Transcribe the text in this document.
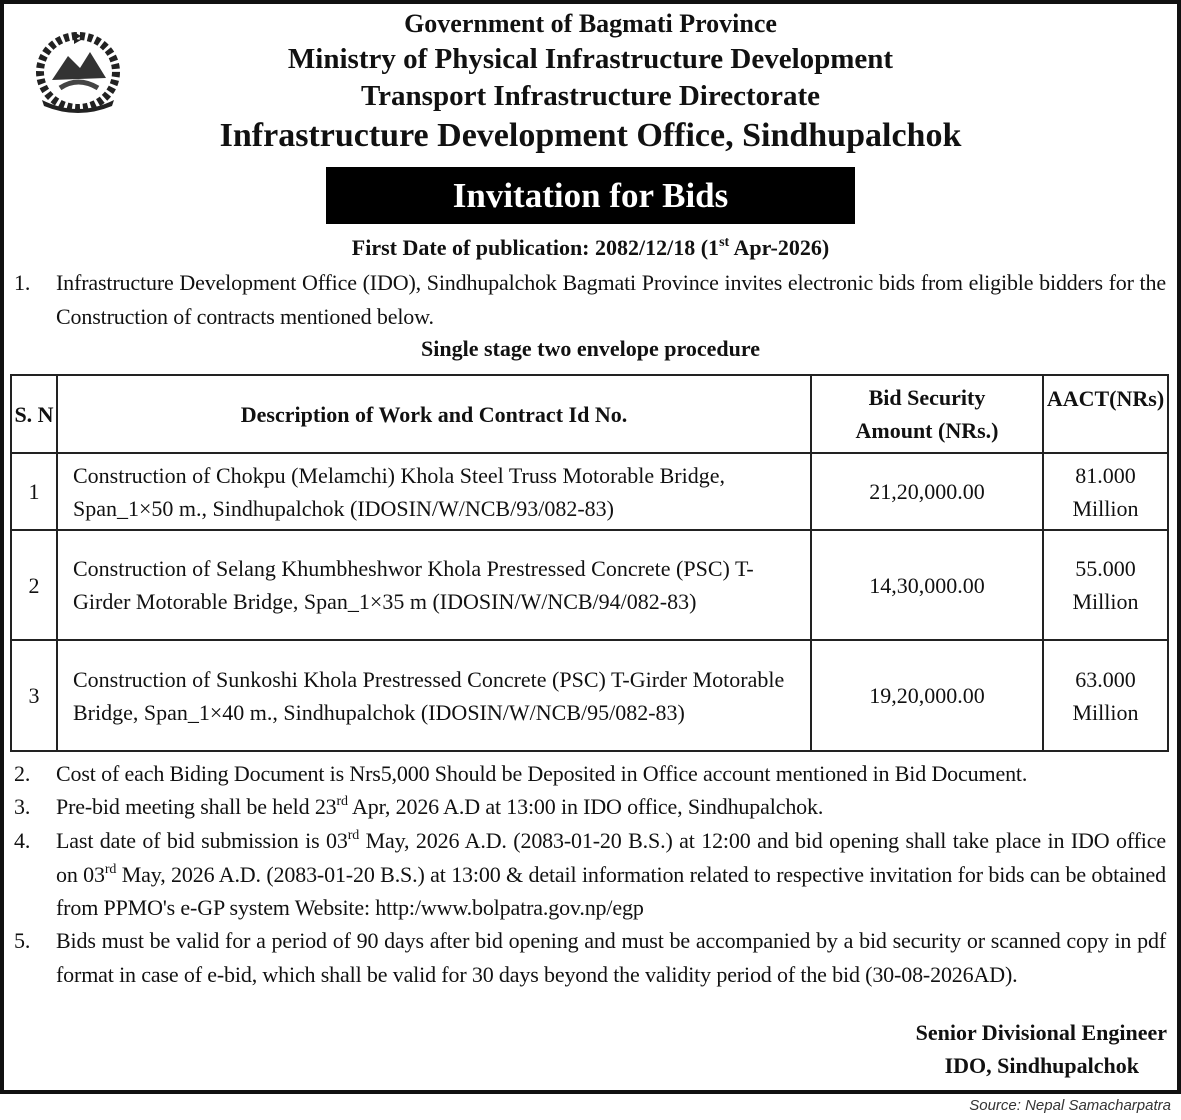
Government of Bagmati Province
Ministry of Physical Infrastructure Development
Transport Infrastructure Directorate
Infrastructure Development Office, Sindhupalchok
Invitation for Bids
First Date of publication: 2082/12/18 (1st Apr-2026)
1. Infrastructure Development Office (IDO), Sindhupalchok Bagmati Province invites electronic bids from eligible bidders for the Construction of contracts mentioned below.
Single stage two envelope procedure
S. N	Description of Work and Contract Id No.	Bid Security Amount (NRs.)	AACT(NRs)
1	Construction of Chokpu (Melamchi) Khola Steel Truss Motorable Bridge, Span_1×50 m., Sindhupalchok (IDOSIN/W/NCB/93/082-83)	21,20,000.00	81.000
Million

2	Construction of Selang Khumbheshwor Khola Prestressed Concrete (PSC) T-Girder Motorable Bridge, Span_1×35 m (IDOSIN/W/NCB/94/082-83)	14,30,000.00	55.000
Million

3	Construction of Sunkoshi Khola Prestressed Concrete (PSC) T-Girder Motorable Bridge, Span_1×40 m., Sindhupalchok (IDOSIN/W/NCB/95/082-83)	19,20,000.00	63.000
Million
2. Cost of each Biding Document is Nrs5,000 Should be Deposited in Office account mentioned in Bid Document.
3. Pre-bid meeting shall be held 23rd Apr, 2026 A.D at 13:00 in IDO office, Sindhupalchok.
4. Last date of bid submission is 03rd May, 2026 A.D. (2083-01-20 B.S.) at 12:00 and bid opening shall take place in IDO office on 03rd May, 2026 A.D. (2083-01-20 B.S.) at 13:00 & detail information related to respective invitation for bids can be obtained from PPMO's e-GP system Website: http:/www.bolpatra.gov.np/egp
5. Bids must be valid for a period of 90 days after bid opening and must be accompanied by a bid security or scanned copy in pdf format in case of e-bid, which shall be valid for 30 days beyond the validity period of the bid (30-08-2026AD).
Senior Divisional Engineer
IDO, Sindhupalchok
Source: Nepal Samacharpatra
